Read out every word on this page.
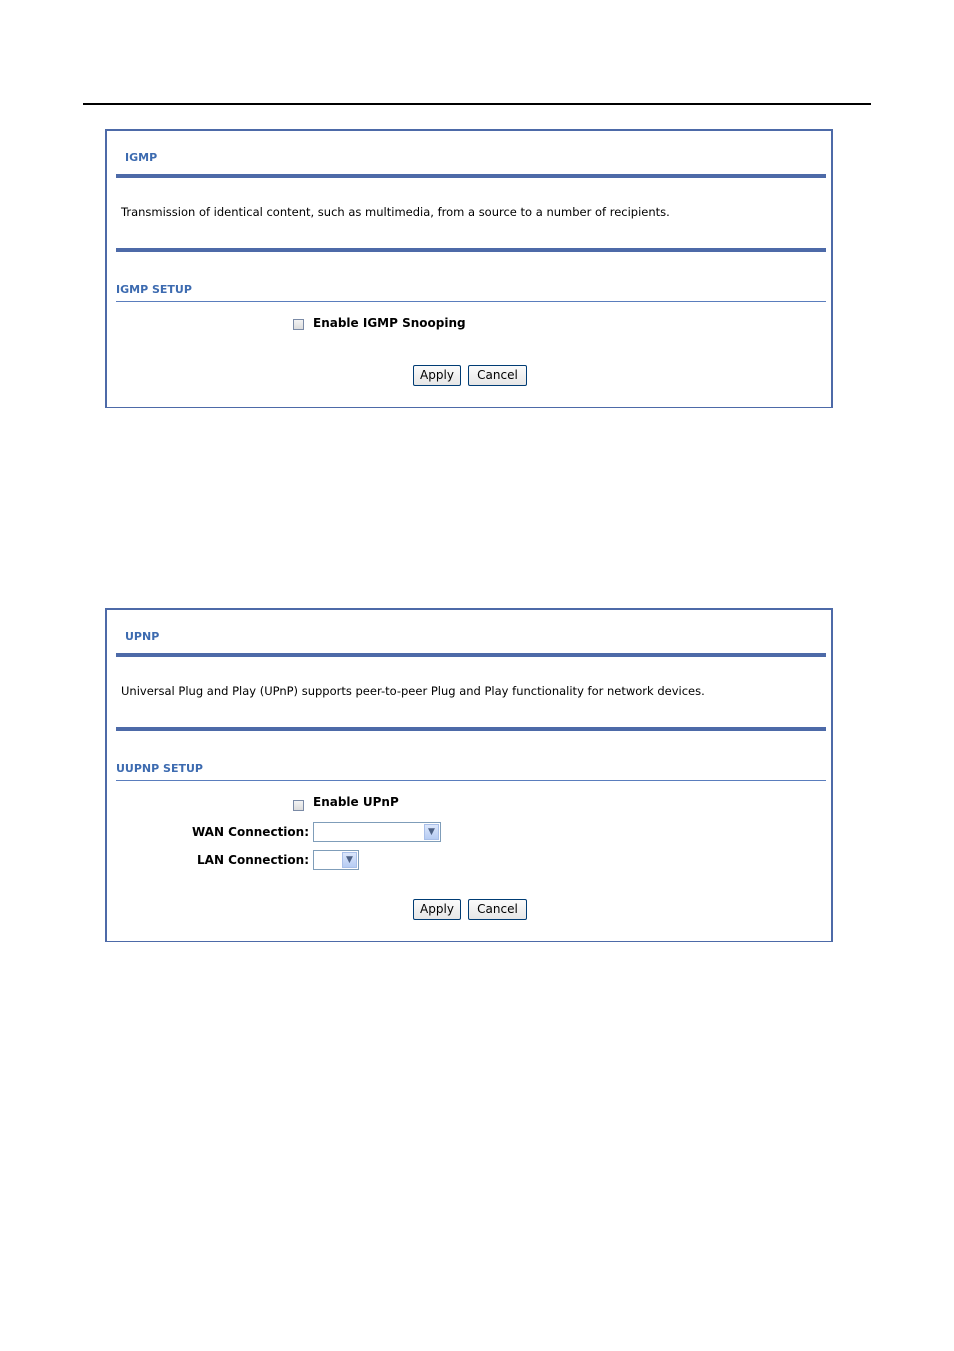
IGMP
Transmission of identical content, such as multimedia, from a source to a number of recipients.
IGMP SETUP
Enable IGMP Snooping
Apply	Cancel
UPNP
Universal Plug and Play (UPnP) supports peer-to-peer Plug and Play functionality for network devices.
UUPNP SETUP
Enable UPnP
WAN Connection:	▼
LAN Connection:	▼
Apply	Cancel
